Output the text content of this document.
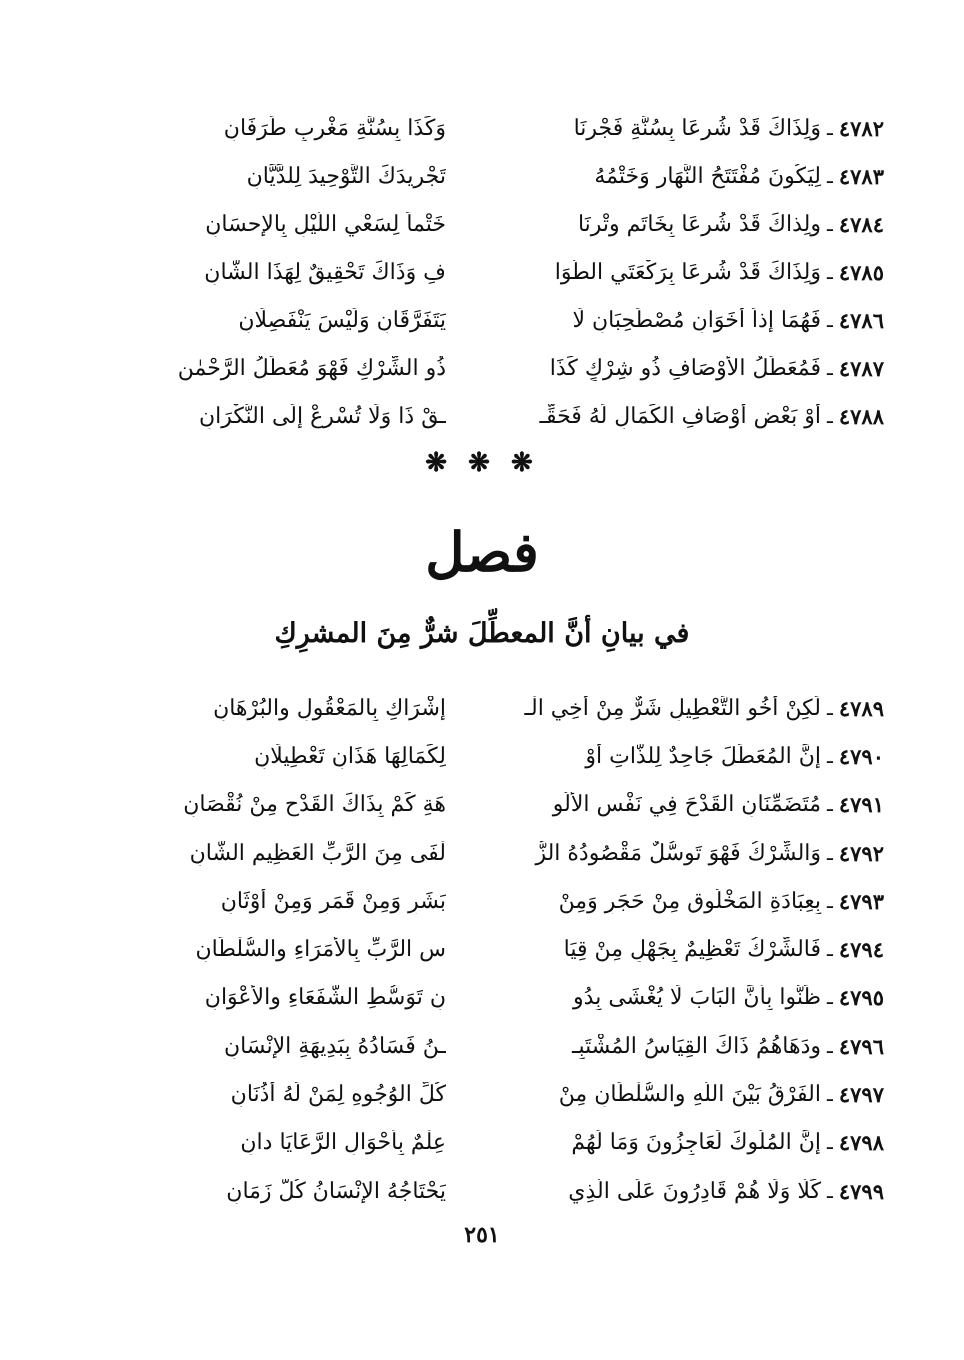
٤٧٨٢
ـ
وَلِذَاكَ قَدْ شُرِعَا بِسُنَّةِ فَجْرِنَا
وَكَذَا بِسُنَّةِ مَغْرِبٍ طَرَفَانِ
٤٧٨٣
ـ
لِيَكُونَ مُفْتَتَحُ النَّهَارِ وَخَتْمُهُ
تَجْرِيدَكَ التَّوْحِيدَ لِلدَّيَّانِ
٤٧٨٤
ـ
ولِذاكَ قَدْ شُرِعَا بِخَاتَمِ وِتْرِنَا
خَتْماً لِسَعْيِ اللَّيْلِ بِالإِحسَانِ
٤٧٨٥
ـ
وَلِذَاكَ قَدْ شُرِعَا بِرَكْعَتَيِ الطَّوَا
فِ وَذَاكَ تَحْقِيقٌ لِهَذَا الشَّانِ
٤٧٨٦
ـ
فَهُمَا إِذاً أَخَوَانِ مُصْطَحِبَانِ لَا
يَتَفَرَّقَانِ وَلَيْسَ يَنْفَصِلَانِ
٤٧٨٧
ـ
فَمُعَطِّلُ الأَوْصَافِ ذُو شِرْكٍ كَذَا
ذُو الشِّرْكِ فَهْوَ مُعَطِّلُ الرَّحْمٰنِ
٤٧٨٨
ـ
أَوْ بَعْضِ أَوْصَافِ الكَمَالِ لَهُ فَحَقِّـ
ـقْ ذَا وَلَا تُسْرِعْ إِلَى النُّكْرَانِ
❋ ❋ ❋
فصل
في بيانِ أنَّ المعطِّلَ شرٌّ مِنَ المشرِكِ
٤٧٨٩
ـ
لَكِنْ أَخُو التَّعْطِيلِ شَرٌّ مِنْ أَخِي الْـ
إِشْرَاكِ بِالمَعْقُولِ والبُرْهَانِ
٤٧٩٠
ـ
إِنَّ المُعَطِّلَ جَاحِدٌ لِلذَّاتِ أَوْ
لِكَمَالِهَا هَذَانِ تَعْطِيلَانِ
٤٧٩١
ـ
مُتَضَمِّنَانِ القَدْحَ فِي نَفْسِ الأُلُو
هَةِ كَمْ بِذَاكَ القَدْحِ مِنْ نُقْصَانِ
٤٧٩٢
ـ
وَالشِّرْكُ فَهْوَ تَوسُّلٌ مَقْصُودُهُ الزُّ
لْفَى مِنَ الرَّبِّ العَظِيمِ الشَّانِ
٤٧٩٣
ـ
بِعِبَادَةِ المَخْلُوقِ مِنْ حَجَرٍ وَمِنْ
بَشَرٍ وَمِنْ قَمَرٍ وَمِنْ أَوْثَانِ
٤٧٩٤
ـ
فَالشِّرْكُ تَعْظِيمٌ بِجَهْلٍ مِنْ قِيَا
سِ الرَّبِّ بِالأُمَرَاءِ والسُّلْطَانِ
٤٧٩٥
ـ
ظَنُّوا بِأَنَّ البَابَ لَا يُغْشَى بِدُو
نِ تَوَسُّطِ الشُّفَعَاءِ والأَعْوَانِ
٤٧٩٦
ـ
ودَهَاهُمُ ذَاكَ القِيَاسُ المُشْتَبِـ
ـنُ فَسَادُهُ بِبَدِيهَةِ الإِنْسَانِ
٤٧٩٧
ـ
الفَرْقُ بَيْنَ اللَّهِ والسُّلْطَانِ مِنْ
كُلِّ الوُجُوهِ لِمَنْ لَهُ أُذُنَانِ
٤٧٩٨
ـ
إِنَّ المُلُوكَ لَعَاجِزُونَ وَمَا لَهُمْ
عِلْمٌ بِأَحْوَالِ الرَّعَايَا دانِ
٤٧٩٩
ـ
كَلَّا وَلَا هُمْ قَادِرُونَ عَلَى الَّذِي
يَحْتَاجُهُ الإِنْسَانُ كُلَّ زَمَانِ
٢٥١
